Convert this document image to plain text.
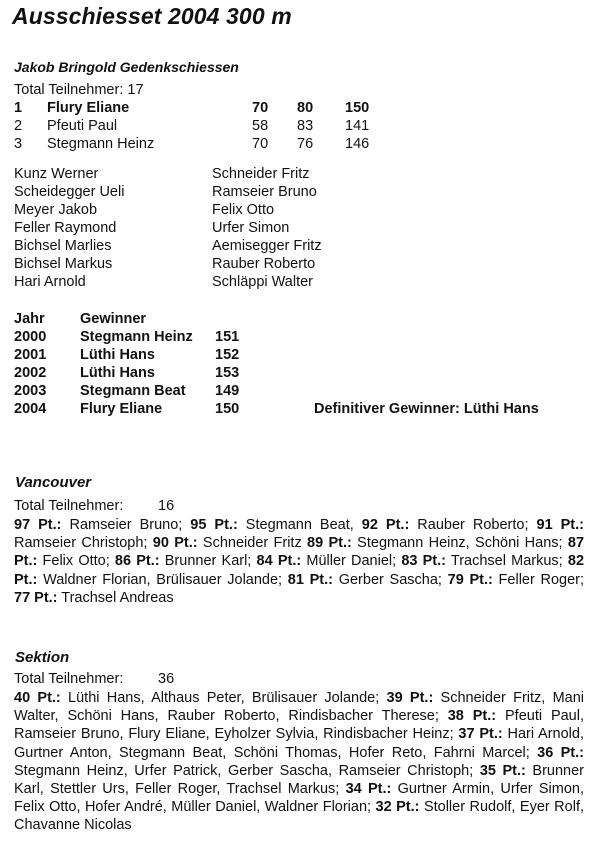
Ausschiesset 2004 300 m
Jakob Bringold Gedenkschiessen
Total Teilnehmer: 17
1 Flury Eliane	70 80 150
2 Pfeuti Paul	58 83 141
3 Stegmann Heinz	70 76 146
Kunz Werner	Schneider Fritz
Scheidegger Ueli	Ramseier Bruno
Meyer Jakob	Felix Otto
Feller Raymond	Urfer Simon
Bichsel Marlies	Aemisegger Fritz
Bichsel Markus	Rauber Roberto
Hari Arnold	Schläppi Walter
Jahr Gewinner
2000 Stegmann Heinz 151
2001 Lüthi Hans	152
2002 Lüthi Hans	153
2003 Stegmann Beat 149
2004 Flury Eliane	150	Definitiver Gewinner: Lüthi Hans
Vancouver
Total Teilnehmer: 16
97 Pt.: Ramseier Bruno; 95 Pt.: Stegmann Beat, 92 Pt.: Rauber Roberto; 91 Pt.: Ramseier Christoph; 90 Pt.: Schneider Fritz 89 Pt.: Stegmann Heinz, Schöni Hans; 87 Pt.: Felix Otto; 86 Pt.: Brunner Karl; 84 Pt.: Müller Daniel; 83 Pt.: Trachsel Markus; 82 Pt.: Waldner Florian, Brülisauer Jolande; 81 Pt.: Gerber Sascha; 79 Pt.: Feller Roger; 77 Pt.: Trachsel Andreas
Sektion
Total Teilnehmer: 36
40 Pt.: Lüthi Hans, Althaus Peter, Brülisauer Jolande; 39 Pt.: Schneider Fritz, Mani Walter, Schöni Hans, Rauber Roberto, Rindisbacher Therese; 38 Pt.: Pfeuti Paul, Ramseier Bruno, Flury Eliane, Eyholzer Sylvia, Rindisbacher Heinz; 37 Pt.: Hari Arnold, Gurtner Anton, Stegmann Beat, Schöni Thomas, Hofer Reto, Fahrni Marcel; 36 Pt.: Stegmann Heinz, Urfer Patrick, Gerber Sascha, Ramseier Christoph; 35 Pt.: Brunner Karl, Stettler Urs, Feller Roger, Trachsel Markus; 34 Pt.: Gurtner Armin, Urfer Simon, Felix Otto, Hofer André, Müller Daniel, Waldner Florian; 32 Pt.: Stoller Rudolf, Eyer Rolf, Chavanne Nicolas
